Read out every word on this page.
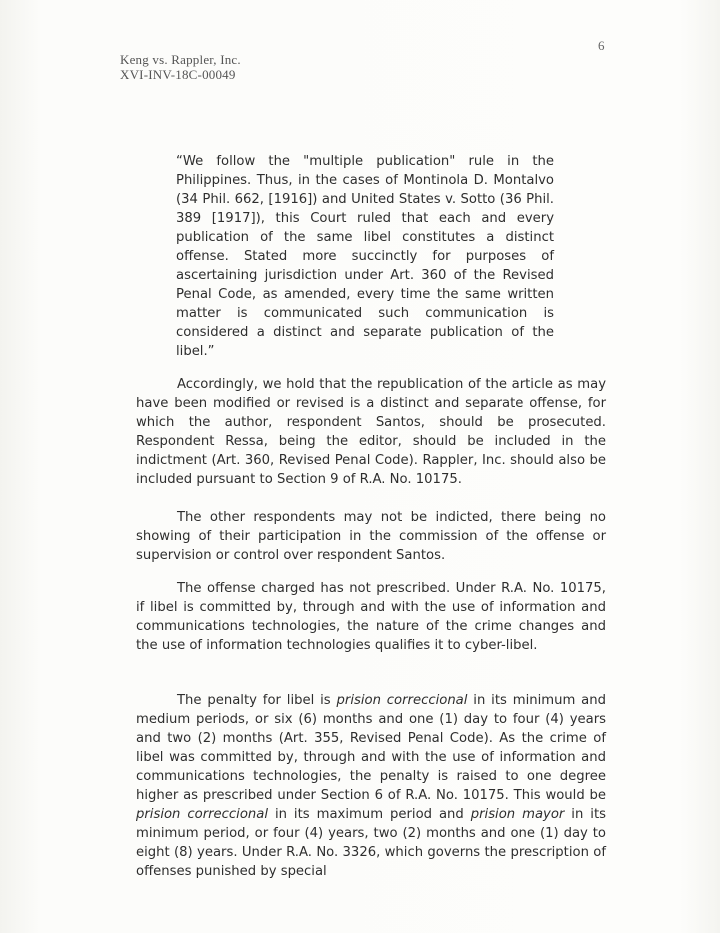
Keng vs. Rappler, Inc.
XVI-INV-18C-00049
6

“We follow the "multiple publication" rule in the Philippines. Thus, in the cases of Montinola D. Montalvo (34 Phil. 662, [1916]) and United States v. Sotto (36 Phil. 389 [1917]), this Court ruled that each and every publication of the same libel constitutes a distinct offense. Stated more succinctly for purposes of ascertaining jurisdiction under Art. 360 of the Revised Penal Code, as amended, every time the same written matter is communicated such communication is considered a distinct and separate publication of the libel.”

Accordingly, we hold that the republication of the article as may have been modified or revised is a distinct and separate offense, for which the author, respondent Santos, should be prosecuted. Respondent Ressa, being the editor, should be included in the indictment (Art. 360, Revised Penal Code). Rappler, Inc. should also be included pursuant to Section 9 of R.A. No. 10175.

The other respondents may not be indicted, there being no showing of their participation in the commission of the offense or supervision or control over respondent Santos.

The offense charged has not prescribed. Under R.A. No. 10175, if libel is committed by, through and with the use of information and communications technologies, the nature of the crime changes and the use of information technologies qualifies it to cyber-libel.

The penalty for libel is prision correccional in its minimum and medium periods, or six (6) months and one (1) day to four (4) years and two (2) months (Art. 355, Revised Penal Code). As the crime of libel was committed by, through and with the use of information and communications technologies, the penalty is raised to one degree higher as prescribed under Section 6 of R.A. No. 10175. This would be prision correccional in its maximum period and prision mayor in its minimum period, or four (4) years, two (2) months and one (1) day to eight (8) years. Under R.A. No. 3326, which governs the prescription of offenses punished by special
